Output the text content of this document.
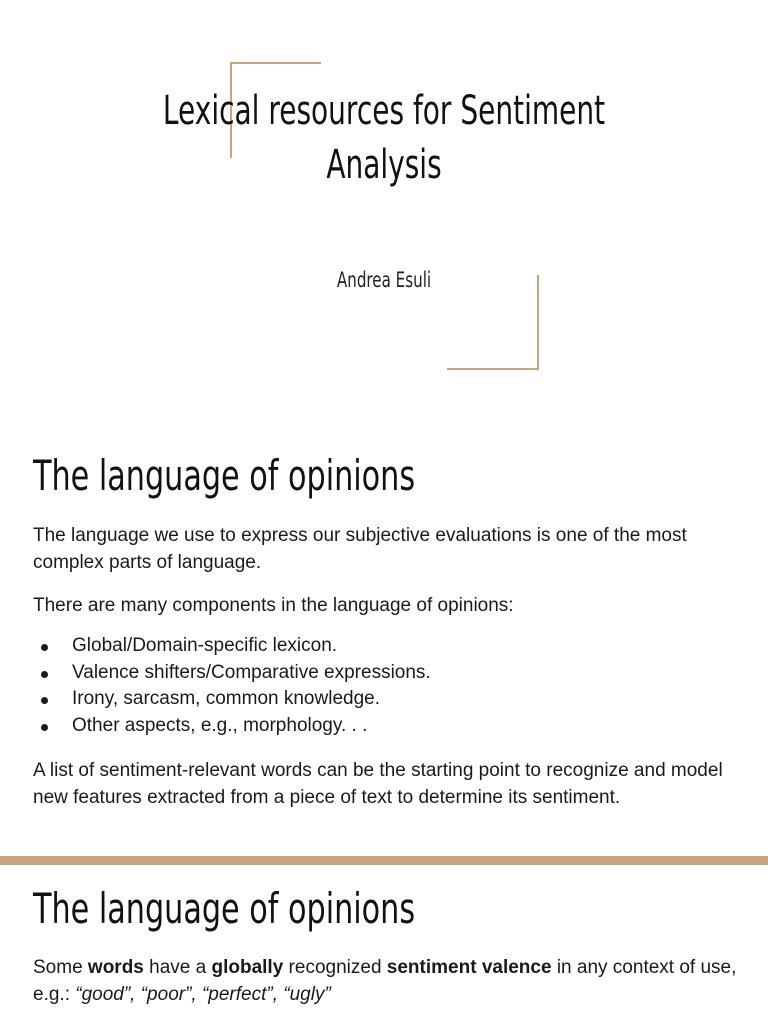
Lexical resources for Sentiment Analysis

Andrea Esuli

The language of opinions

The language we use to express our subjective evaluations is one of the most complex parts of language.

There are many components in the language of opinions:

Global/Domain-specific lexicon.
Valence shifters/Comparative expressions.
Irony, sarcasm, common knowledge.
Other aspects, e.g., morphology. . .

A list of sentiment-relevant words can be the starting point to recognize and model new features extracted from a piece of text to determine its sentiment.

The language of opinions

Some words have a globally recognized sentiment valence in any context of use, e.g.: “good”, “poor”, “perfect”, “ugly”
